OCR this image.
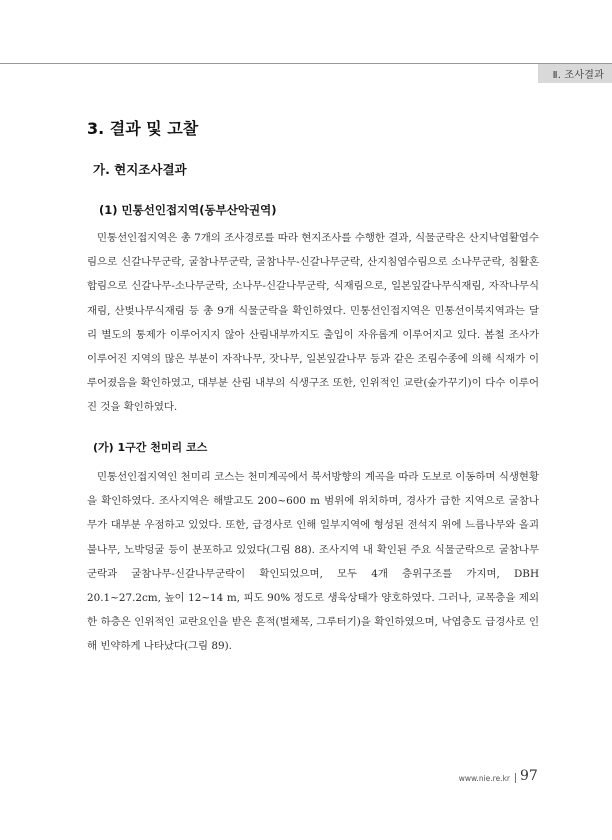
Ⅱ. 조사결과
3. 결과 및 고찰
가. 현지조사결과
(1) 민통선인접지역(동부산악권역)

민통선인접지역은 총 7개의 조사경로를 따라 현지조사를 수행한 결과, 식물군락은 산지낙엽활엽수림으로 신갈나무군락, 굴참나무군락, 굴참나무-신갈나무군락, 산지침엽수림으로 소나무군락, 침활혼합림으로 신갈나무-소나무군락, 소나무-신갈나무군락, 식재림으로, 일본잎갈나무식재림, 자작나무식재림, 산벚나무식재림 등 총 9개 식물군락을 확인하였다. 민통선인접지역은 민통선이북지역과는 달리 별도의 통제가 이루어지지 않아 산림내부까지도 출입이 자유롭게 이루어지고 있다. 봄철 조사가 이루어진 지역의 많은 부분이 자작나무, 잣나무, 일본잎갈나무 등과 같은 조림수종에 의해 식재가 이루어졌음을 확인하였고, 대부분 산림 내부의 식생구조 또한, 인위적인 교란(숲가꾸기)이 다수 이루어진 것을 확인하였다.

(가) 1구간 천미리 코스

민통선인접지역인 천미리 코스는 천미계곡에서 북서방향의 계곡을 따라 도보로 이동하며 식생현황을 확인하였다. 조사지역은 해발고도 200~600 m 범위에 위치하며, 경사가 급한 지역으로 굴참나무가 대부분 우점하고 있었다. 또한, 급경사로 인해 일부지역에 형성된 전석지 위에 느릅나무와 올괴불나무, 노박덩굴 등이 분포하고 있었다(그림 88). 조사지역 내 확인된 주요 식물군락으로 굴참나무군락과 굴참나무-신갈나무군락이 확인되었으며, 모두 4개 층위구조를 가지며, DBH 20.1~27.2cm, 높이 12~14 m, 피도 90% 정도로 생육상태가 양호하였다. 그러나, 교목층을 제외한 하층은 인위적인 교란요인을 받은 흔적(벌채목, 그루터기)을 확인하였으며, 낙엽층도 급경사로 인해 빈약하게 나타났다(그림 89).

www.nie.re.kr 97
